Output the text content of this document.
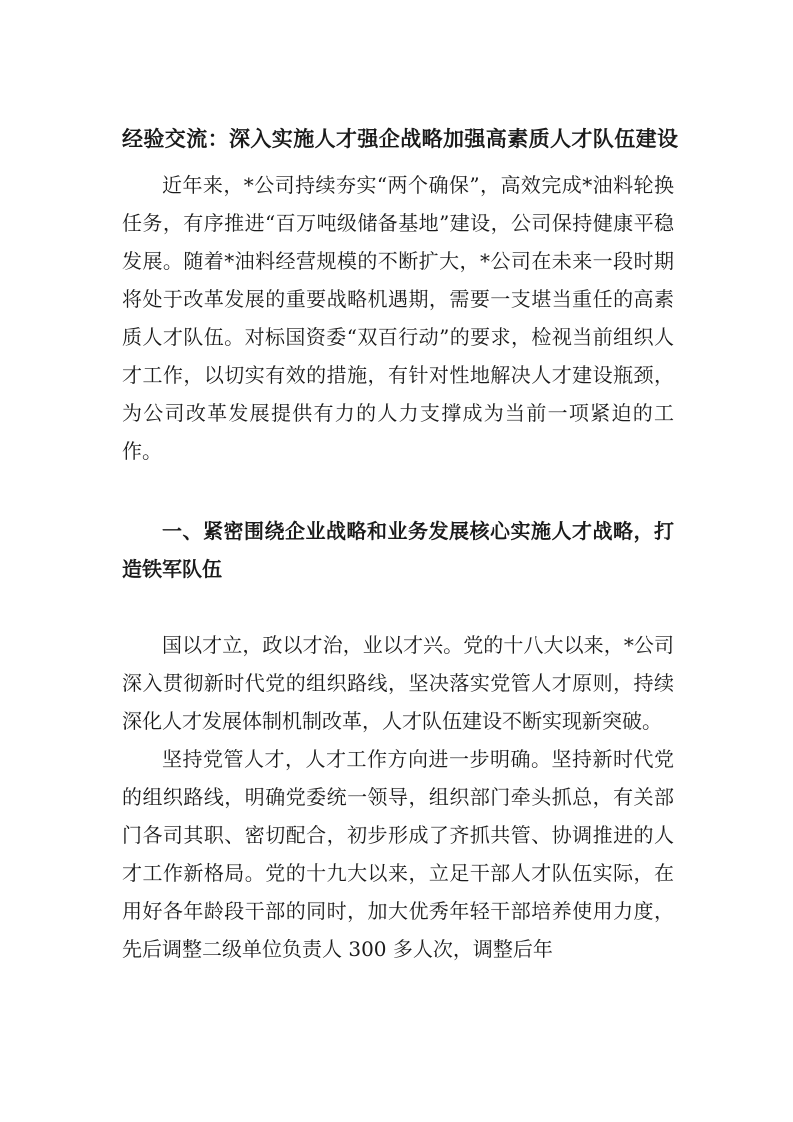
经验交流：深入实施人才强企战略加强高素质人才队伍建设

近年来，*公司持续夯实“两个确保”，高效完成*油料轮换任务，有序推进“百万吨级储备基地”建设，公司保持健康平稳发展。随着*油料经营规模的不断扩大，*公司在未来一段时期将处于改革发展的重要战略机遇期，需要一支堪当重任的高素质人才队伍。对标国资委“双百行动”的要求，检视当前组织人才工作，以切实有效的措施，有针对性地解决人才建设瓶颈，为公司改革发展提供有力的人力支撑成为当前一项紧迫的工作。

一、紧密围绕企业战略和业务发展核心实施人才战略，打造铁军队伍

国以才立，政以才治，业以才兴。党的十八大以来，*公司深入贯彻新时代党的组织路线，坚决落实党管人才原则，持续深化人才发展体制机制改革，人才队伍建设不断实现新突破。

坚持党管人才，人才工作方向进一步明确。坚持新时代党的组织路线，明确党委统一领导，组织部门牵头抓总，有关部门各司其职、密切配合，初步形成了齐抓共管、协调推进的人才工作新格局。党的十九大以来，立足干部人才队伍实际，在用好各年龄段干部的同时，加大优秀年轻干部培养使用力度，先后调整二级单位负责人 300 多人次，调整后年
